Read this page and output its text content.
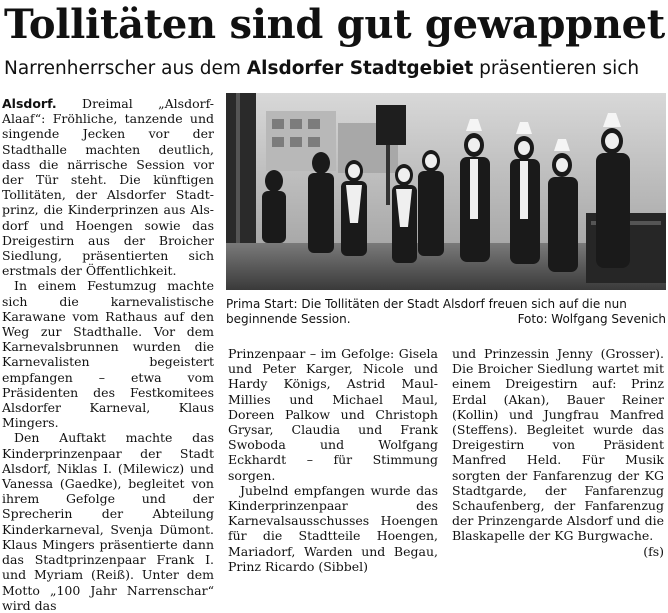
Tollitäten sind gut gewappnet
Narrenherrscher aus dem Alsdorfer Stadtgebiet präsentieren sich

Alsdorf. Dreimal „Alsdorf-Alaaf“: Fröhliche, tanzende und singende Jecken vor der Stadthalle machten deutlich, dass die närrische Session vor der Tür steht. Die künftigen Tollitäten, der Alsdorfer Stadtprinz, die Kinderprinzen aus Alsdorf und Hoengen sowie das Dreigestirn aus der Broicher Siedlung, präsentierten sich erstmals der Öffentlichkeit.

In einem Festumzug machte sich die karnevalistische Karawane vom Rathaus auf den Weg zur Stadthalle. Vor dem Karnevalsbrunnen wurden die Karnevalisten begeistert empfangen – etwa vom Präsidenten des Festkomitees Alsdorfer Karneval, Klaus Mingers.

Den Auftakt machte das Kinderprinzenpaar der Stadt Alsdorf, Niklas I. (Milewicz) und Vanessa (Gaedke), begleitet von ihrem Gefolge und der Sprecherin der Abteilung Kinderkarneval, Svenja Dümont. Klaus Mingers präsentierte dann das Stadtprinzenpaar Frank I. und Myriam (Reiß). Unter dem Motto „100 Jahr Narrenschar“ wird das

Prima Start: Die Tollitäten der Stadt Alsdorf freuen sich auf die nun beginnende Session.	Foto: Wolfgang Sevenich

Prinzenpaar – im Gefolge: Gisela und Peter Karger, Nicole und Hardy Königs, Astrid Maul-Millies und Michael Maul, Doreen Palkow und Christoph Grysar, Claudia und Frank Swoboda und Wolfgang Eckhardt – für Stimmung sorgen.

Jubelnd empfangen wurde das Kinderprinzenpaar des Karnevalsausschusses Hoengen für die Stadtteile Hoengen, Mariadorf, Warden und Begau, Prinz Ricardo (Sibbel)

und Prinzessin Jenny (Grosser). Die Broicher Siedlung wartet mit einem Dreigestirn auf: Prinz Erdal (Akan), Bauer Reiner (Kollin) und Jungfrau Manfred (Steffens). Begleitet wurde das Dreigestirn von Präsident Manfred Held. Für Musik sorgten der Fanfarenzug der KG Stadtgarde, der Fanfarenzug Schaufenberg, der Fanfarenzug der Prinzengarde Alsdorf und die Blaskapelle der KG Burgwache.
(fs)
